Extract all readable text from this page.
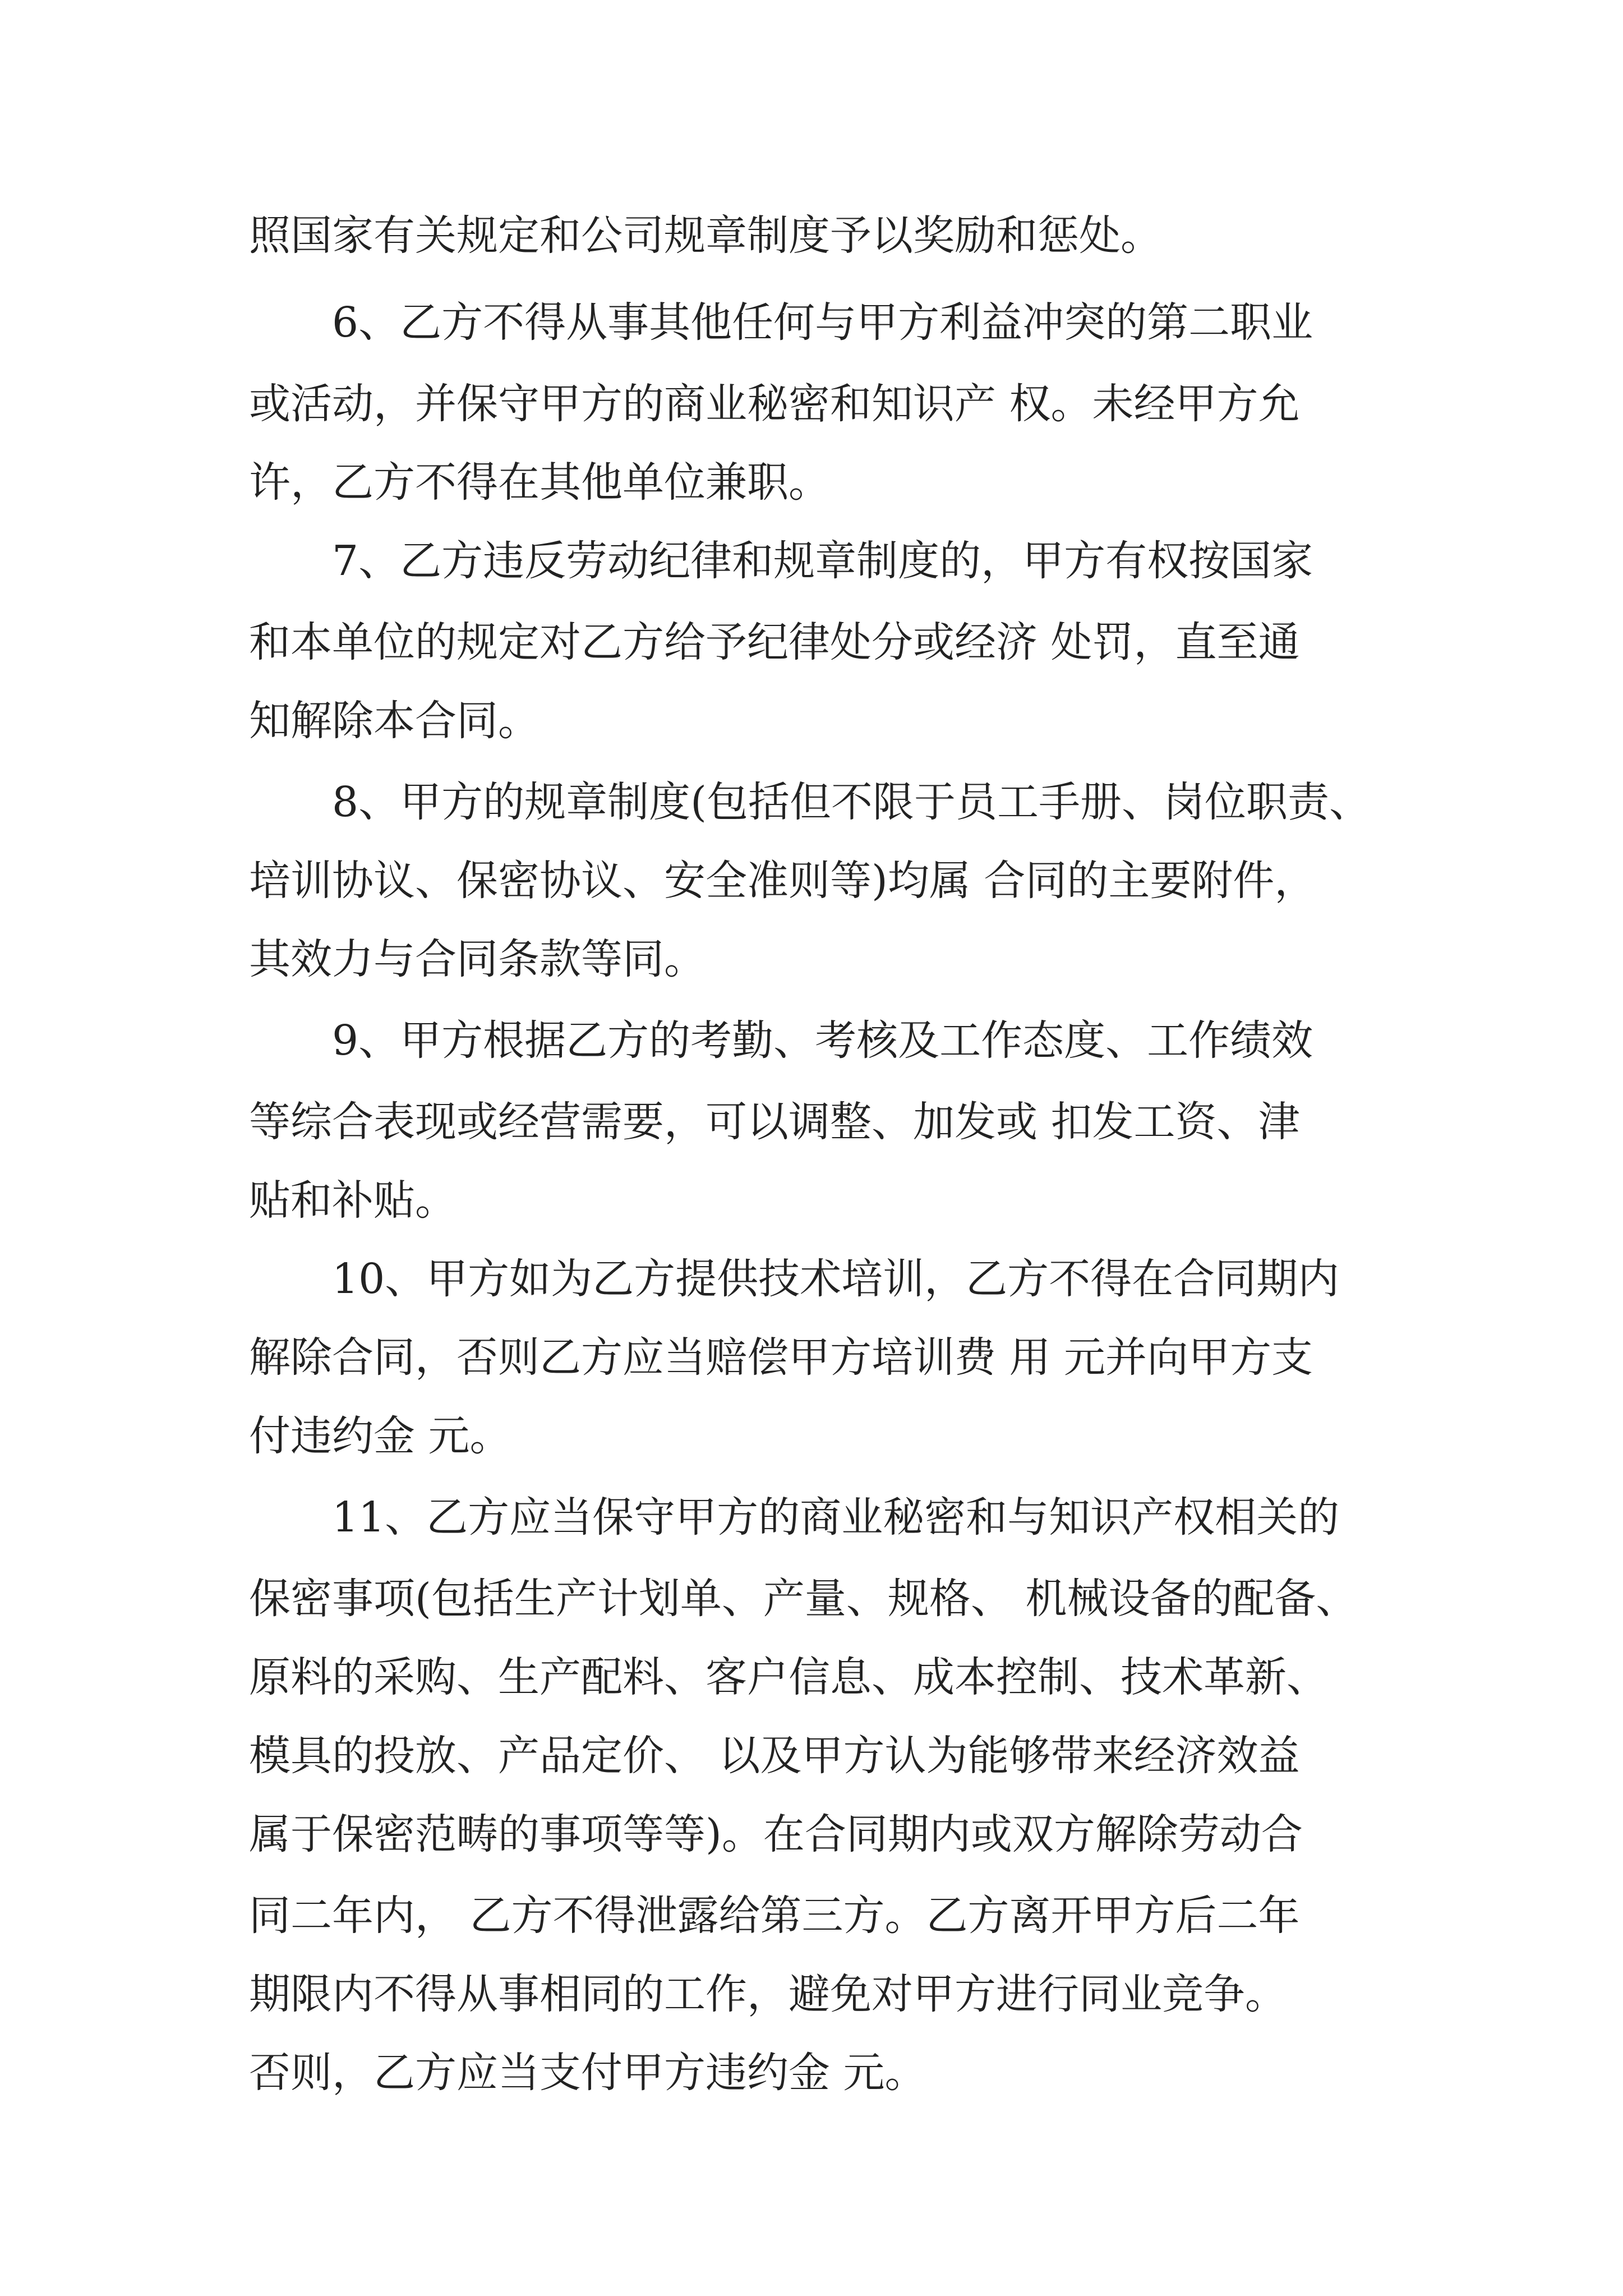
照国家有关规定和公司规章制度予以奖励和惩处。
6、乙方不得从事其他任何与甲方利益冲突的第二职业
或活动，并保守甲方的商业秘密和知识产 权。未经甲方允
许，乙方不得在其他单位兼职。
7、乙方违反劳动纪律和规章制度的，甲方有权按国家
和本单位的规定对乙方给予纪律处分或经济 处罚，直至通
知解除本合同。
8、甲方的规章制度(包括但不限于员工手册、岗位职责、
培训协议、保密协议、安全准则等)均属 合同的主要附件，
其效力与合同条款等同。
9、甲方根据乙方的考勤、考核及工作态度、工作绩效
等综合表现或经营需要，可以调整、加发或 扣发工资、津
贴和补贴。
10、甲方如为乙方提供技术培训，乙方不得在合同期内
解除合同，否则乙方应当赔偿甲方培训费 用 元并向甲方支
付违约金 元。
11、乙方应当保守甲方的商业秘密和与知识产权相关的
保密事项(包括生产计划单、产量、规格、 机械设备的配备、
原料的采购、生产配料、客户信息、成本控制、技术革新、
模具的投放、产品定价、 以及甲方认为能够带来经济效益
属于保密范畴的事项等等)。在合同期内或双方解除劳动合
同二年内， 乙方不得泄露给第三方。乙方离开甲方后二年
期限内不得从事相同的工作，避免对甲方进行同业竞争。
否则，乙方应当支付甲方违约金 元。
